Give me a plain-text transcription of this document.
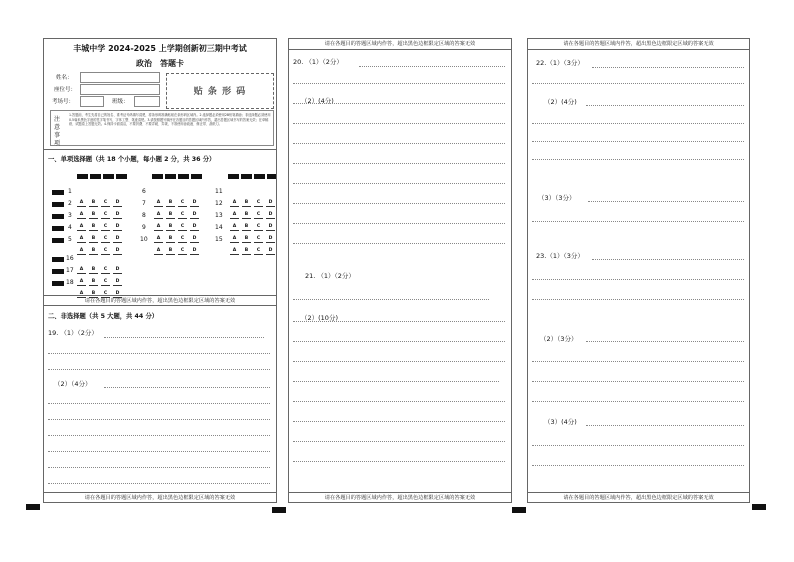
丰城中学 2024-2025 上学期创新初三期中考试
政治　答题卡
姓名：
座位号：
考场号：	班级：
贴 条 形 码
注 意 事 项
1.答题前，考生先将自己的姓名、准考证号码填写清楚，将条形码准确粘贴在条形码区域内。2.选择题必须使用2B铅笔填涂；非选择题必须使用0.5毫米黑色字迹的签字笔书写，字体工整、笔迹清楚。3.请按照题号顺序在各题目的答题区域内作答，超出答题区域书写的答案无效；在草稿纸、试题卷上答题无效。4.保持卡面清洁，不要折叠、不要弄破、弄皱，不准使用涂改液、修正带、刮纸刀。
一、单项选择题（共 18 个小题，每小题 2 分，共 36 分）
1
A B C D
2
A B C D
3
A B C D
4
A B C D
5
A B C D
6
A B C D
7
A B C D
8
A B C D
9
A B C D
10
A B C D
11
A B C D
12
A B C D
13
A B C D
14
A B C D
15
A B C D
16
A B C D
17
A B C D
18
A B C D
请在各题目的答题区域内作答，超出黑色边框限定区域的答案无效
二、非选择题（共 5 大题，共 44 分）
19. （1）（2分）
（2）（4分）
请在各题目的答题区域内作答，超出黑色边框限定区域的答案无效
请在各题目的答题区域内作答，超出黑色边框限定区域的答案无效
20. （1）（2分）
（2）(4分)
21. （1）（2分）
（2）(10分)
请在各题目的答题区域内作答，超出黑色边框限定区域的答案无效
请在各题目的答题区域内作答，超出黑色边框限定区域的答案无效
22.（1）（3分）
（2）(4分)
（3）（3分）
23.（1）（3分）
（2）（3分）
（3）(4分)
请在各题目的答题区域内作答，超出黑色边框限定区域的答案无效
